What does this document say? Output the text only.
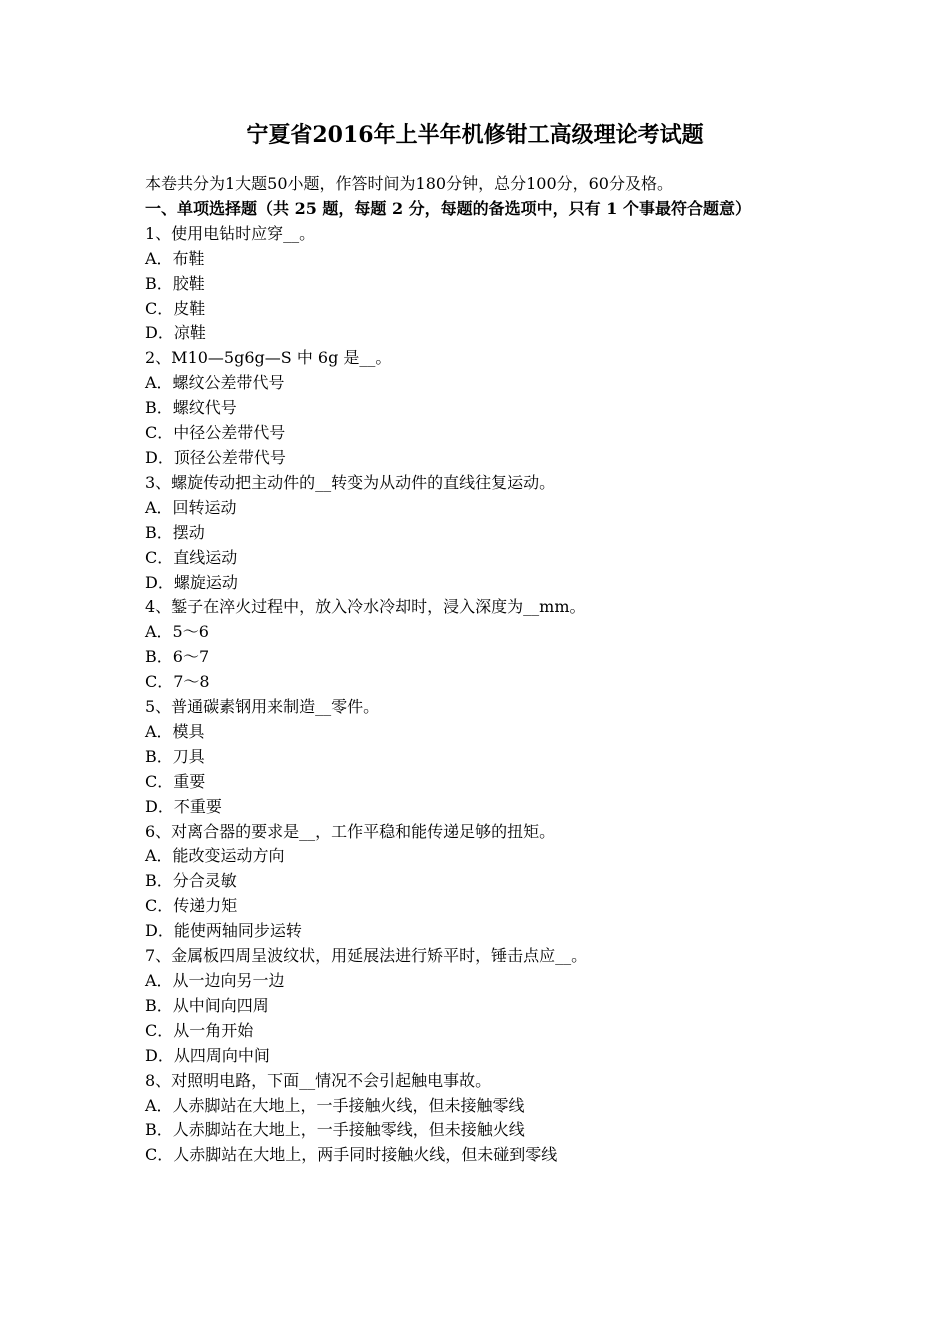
宁夏省2016年上半年机修钳工高级理论考试题
本卷共分为1大题50小题，作答时间为180分钟，总分100分，60分及格。
一、单项选择题（共 25 题，每题 2 分，每题的备选项中，只有 1 个事最符合题意）
1、使用电钻时应穿__。
A．布鞋
B．胶鞋
C．皮鞋
D．凉鞋
2、M10—5g6g—S 中 6g 是__。
A．螺纹公差带代号
B．螺纹代号
C．中径公差带代号
D．顶径公差带代号
3、螺旋传动把主动件的__转变为从动件的直线往复运动。
A．回转运动
B．摆动
C．直线运动
D．螺旋运动
4、錾子在淬火过程中，放入冷水冷却时，浸入深度为__mm。
A．5～6
B．6～7
C．7～8
5、普通碳素钢用来制造__零件。
A．模具
B．刀具
C．重要
D．不重要
6、对离合器的要求是__，工作平稳和能传递足够的扭矩。
A．能改变运动方向
B．分合灵敏
C．传递力矩
D．能使两轴同步运转
7、金属板四周呈波纹状，用延展法进行矫平时，锤击点应__。
A．从一边向另一边
B．从中间向四周
C．从一角开始
D．从四周向中间
8、对照明电路，下面__情况不会引起触电事故。
A．人赤脚站在大地上，一手接触火线，但未接触零线
B．人赤脚站在大地上，一手接触零线，但未接触火线
C．人赤脚站在大地上，两手同时接触火线，但未碰到零线
